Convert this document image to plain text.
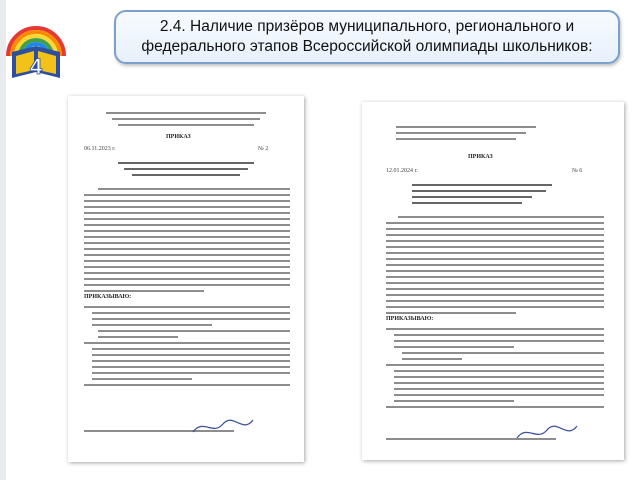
4
2.4. Наличие призёров муниципального, регионального и федерального этапов Всероссийской олимпиады школьников:
ПРИКАЗ
06.11.2023 г.	№ 2
ПРИКАЗЫВАЮ:
ПРИКАЗ
12.01.2024 г.	№ 6
ПРИКАЗЫВАЮ:
